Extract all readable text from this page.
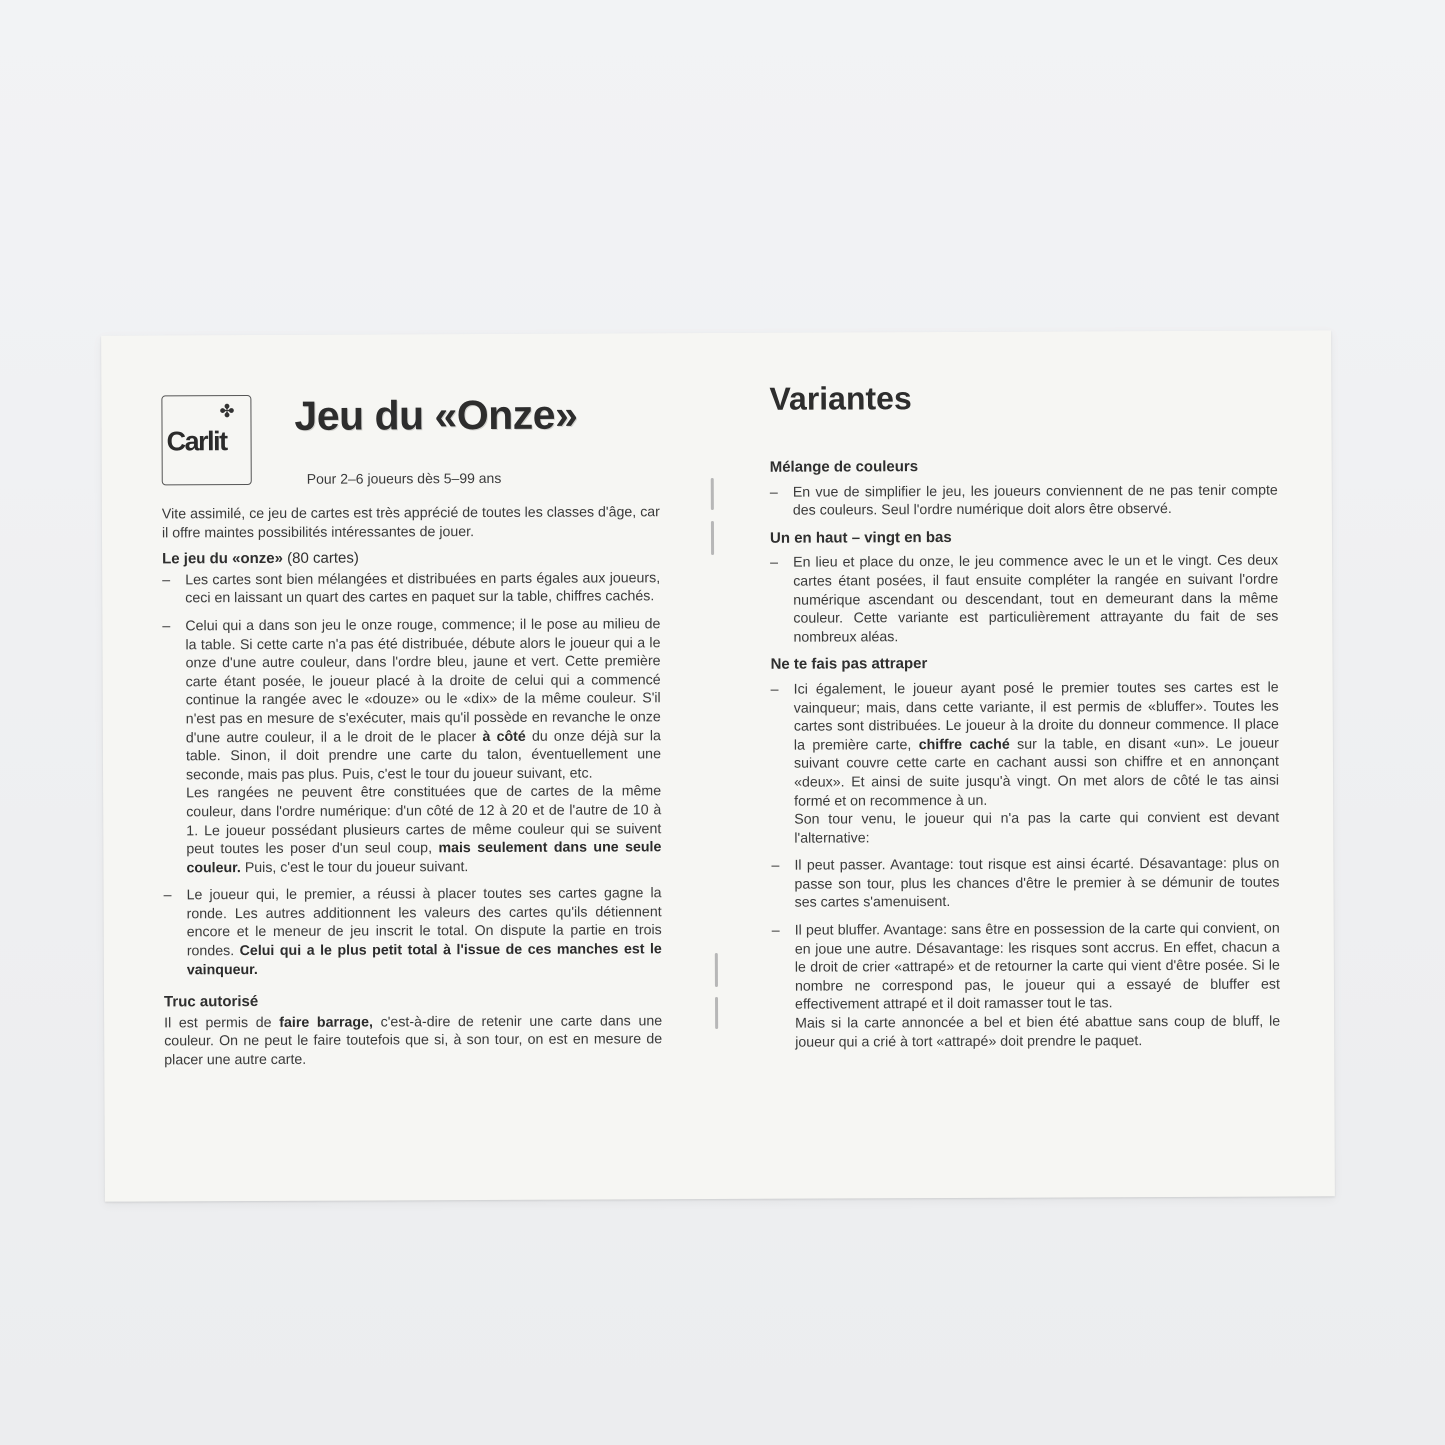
✤
Carlit
Jeu du «Onze»

Pour 2–6 joueurs dès 5–99 ans

Vite assimilé, ce jeu de cartes est très apprécié de toutes les classes d'âge, car il offre maintes possibilités intéressantes de jouer.

Le jeu du «onze» (80 cartes)
– Les cartes sont bien mélangées et distribuées en parts égales aux joueurs, ceci en laissant un quart des cartes en paquet sur la table, chiffres cachés.
– Celui qui a dans son jeu le onze rouge, commence; il le pose au milieu de la table. Si cette carte n'a pas été distribuée, débute alors le joueur qui a le onze d'une autre couleur, dans l'ordre bleu, jaune et vert. Cette première carte étant posée, le joueur placé à la droite de celui qui a commencé continue la rangée avec le «douze» ou le «dix» de la même couleur. S'il n'est pas en mesure de s'exécuter, mais qu'il possède en revanche le onze d'une autre couleur, il a le droit de le placer à côté du onze déjà sur la table. Sinon, il doit prendre une carte du talon, éventuellement une seconde, mais pas plus. Puis, c'est le tour du joueur suivant, etc.
Les rangées ne peuvent être constituées que de cartes de la même couleur, dans l'ordre numérique: d'un côté de 12 à 20 et de l'autre de 10 à 1. Le joueur possédant plusieurs cartes de même couleur qui se suivent peut toutes les poser d'un seul coup, mais seulement dans une seule couleur. Puis, c'est le tour du joueur suivant.
– Le joueur qui, le premier, a réussi à placer toutes ses cartes gagne la ronde. Les autres additionnent les valeurs des cartes qu'ils détiennent encore et le meneur de jeu inscrit le total. On dispute la partie en trois rondes. Celui qui a le plus petit total à l'issue de ces manches est le vainqueur.
Truc autorisé

Il est permis de faire barrage, c'est-à-dire de retenir une carte dans une couleur. On ne peut le faire toutefois que si, à son tour, on est en mesure de placer une autre carte.

Variantes
Mélange de couleurs
– En vue de simplifier le jeu, les joueurs conviennent de ne pas tenir compte des couleurs. Seul l'ordre numérique doit alors être observé.
Un en haut – vingt en bas
– En lieu et place du onze, le jeu commence avec le un et le vingt. Ces deux cartes étant posées, il faut ensuite compléter la rangée en suivant l'ordre numérique ascendant ou descendant, tout en demeurant dans la même couleur. Cette variante est particulièrement attrayante du fait de ses nombreux aléas.
Ne te fais pas attraper
– Ici également, le joueur ayant posé le premier toutes ses cartes est le vainqueur; mais, dans cette variante, il est permis de «bluffer». Toutes les cartes sont distribuées. Le joueur à la droite du donneur commence. Il place la première carte, chiffre caché sur la table, en disant «un». Le joueur suivant couvre cette carte en cachant aussi son chiffre et en annonçant «deux». Et ainsi de suite jusqu'à vingt. On met alors de côté le tas ainsi formé et on recommence à un.
Son tour venu, le joueur qui n'a pas la carte qui convient est devant l'alternative:
– Il peut passer. Avantage: tout risque est ainsi écarté. Désavantage: plus on passe son tour, plus les chances d'être le premier à se démunir de toutes ses cartes s'amenuisent.
– Il peut bluffer. Avantage: sans être en possession de la carte qui convient, on en joue une autre. Désavantage: les risques sont accrus. En effet, chacun a le droit de crier «attrapé» et de retourner la carte qui vient d'être posée. Si le nombre ne correspond pas, le joueur qui a essayé de bluffer est effectivement attrapé et il doit ramasser tout le tas.
Mais si la carte annoncée a bel et bien été abattue sans coup de bluff, le joueur qui a crié à tort «attrapé» doit prendre le paquet.
